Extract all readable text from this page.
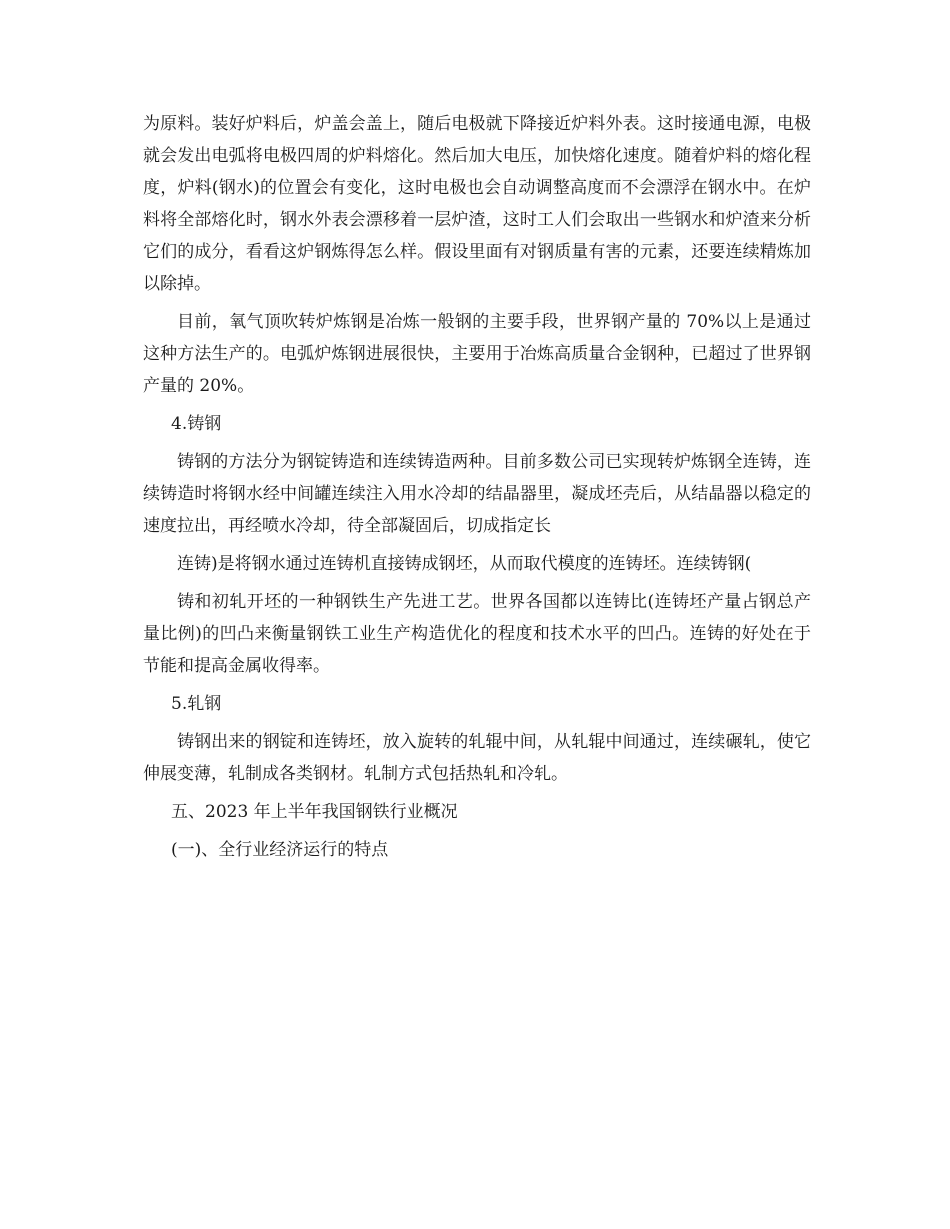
为原料。装好炉料后，炉盖会盖上，随后电极就下降接近炉料外表。这时接通电源，电极就会发出电弧将电极四周的炉料熔化。然后加大电压，加快熔化速度。随着炉料的熔化程度，炉料(钢水)的位置会有变化，这时电极也会自动调整高度而不会漂浮在钢水中。在炉料将全部熔化时，钢水外表会漂移着一层炉渣，这时工人们会取出一些钢水和炉渣来分析它们的成分，看看这炉钢炼得怎么样。假设里面有对钢质量有害的元素，还要连续精炼加以除掉。

目前，氧气顶吹转炉炼钢是冶炼一般钢的主要手段，世界钢产量的 70%以上是通过这种方法生产的。电弧炉炼钢进展很快，主要用于冶炼高质量合金钢种，已超过了世界钢产量的 20%。

4.铸钢

铸钢的方法分为钢锭铸造和连续铸造两种。目前多数公司已实现转炉炼钢全连铸，连续铸造时将钢水经中间罐连续注入用水冷却的结晶器里，凝成坯壳后，从结晶器以稳定的速度拉出，再经喷水冷却，待全部凝固后，切成指定长

连铸)是将钢水通过连铸机直接铸成钢坯，从而取代模度的连铸坯。连续铸钢(

铸和初轧开坯的一种钢铁生产先进工艺。世界各国都以连铸比(连铸坯产量占钢总产量比例)的凹凸来衡量钢铁工业生产构造优化的程度和技术水平的凹凸。连铸的好处在于节能和提高金属收得率。

5.轧钢

铸钢出来的钢锭和连铸坯，放入旋转的轧辊中间，从轧辊中间通过，连续碾轧，使它伸展变薄，轧制成各类钢材。轧制方式包括热轧和冷轧。

五、2023 年上半年我国钢铁行业概况

(一)、全行业经济运行的特点
